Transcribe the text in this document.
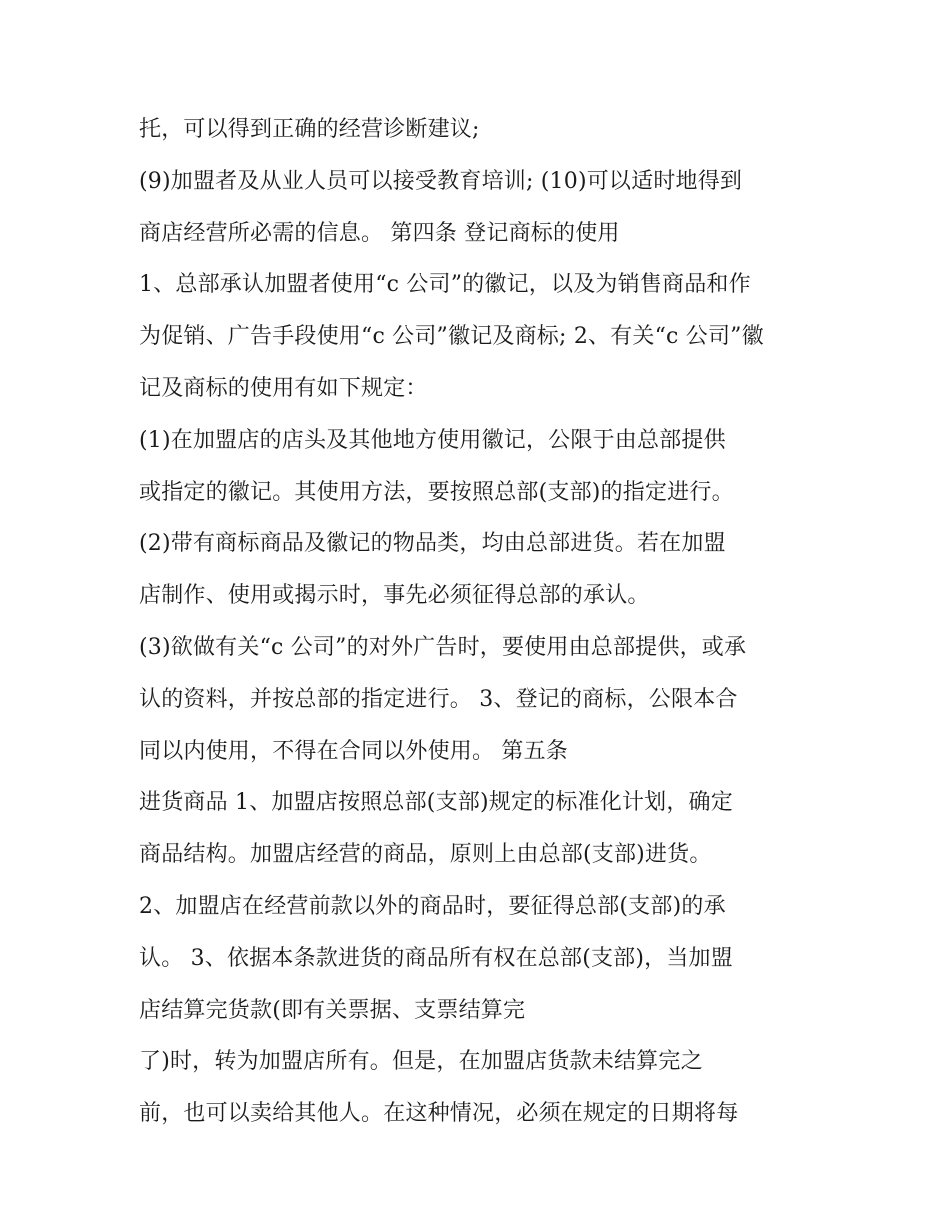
托，可以得到正确的经营诊断建议;
(9)加盟者及从业人员可以接受教育培训; (10)可以适时地得到
商店经营所必需的信息。 第四条 登记商标的使用
1、总部承认加盟者使用“c 公司”的徽记，以及为销售商品和作
为促销、广告手段使用“c 公司”徽记及商标; 2、有关“c 公司”徽
记及商标的使用有如下规定：
(1)在加盟店的店头及其他地方使用徽记，公限于由总部提供
或指定的徽记。其使用方法，要按照总部(支部)的指定进行。
(2)带有商标商品及徽记的物品类，均由总部进货。若在加盟
店制作、使用或揭示时，事先必须征得总部的承认。
(3)欲做有关“c 公司”的对外广告时，要使用由总部提供，或承
认的资料，并按总部的指定进行。 3、登记的商标，公限本合
同以内使用，不得在合同以外使用。 第五条
进货商品 1、加盟店按照总部(支部)规定的标准化计划，确定
商品结构。加盟店经营的商品，原则上由总部(支部)进货。
2、加盟店在经营前款以外的商品时，要征得总部(支部)的承
认。 3、依据本条款进货的商品所有权在总部(支部)，当加盟
店结算完货款(即有关票据、支票结算完
了)时，转为加盟店所有。但是，在加盟店货款未结算完之
前，也可以卖给其他人。在这种情况，必须在规定的日期将每
